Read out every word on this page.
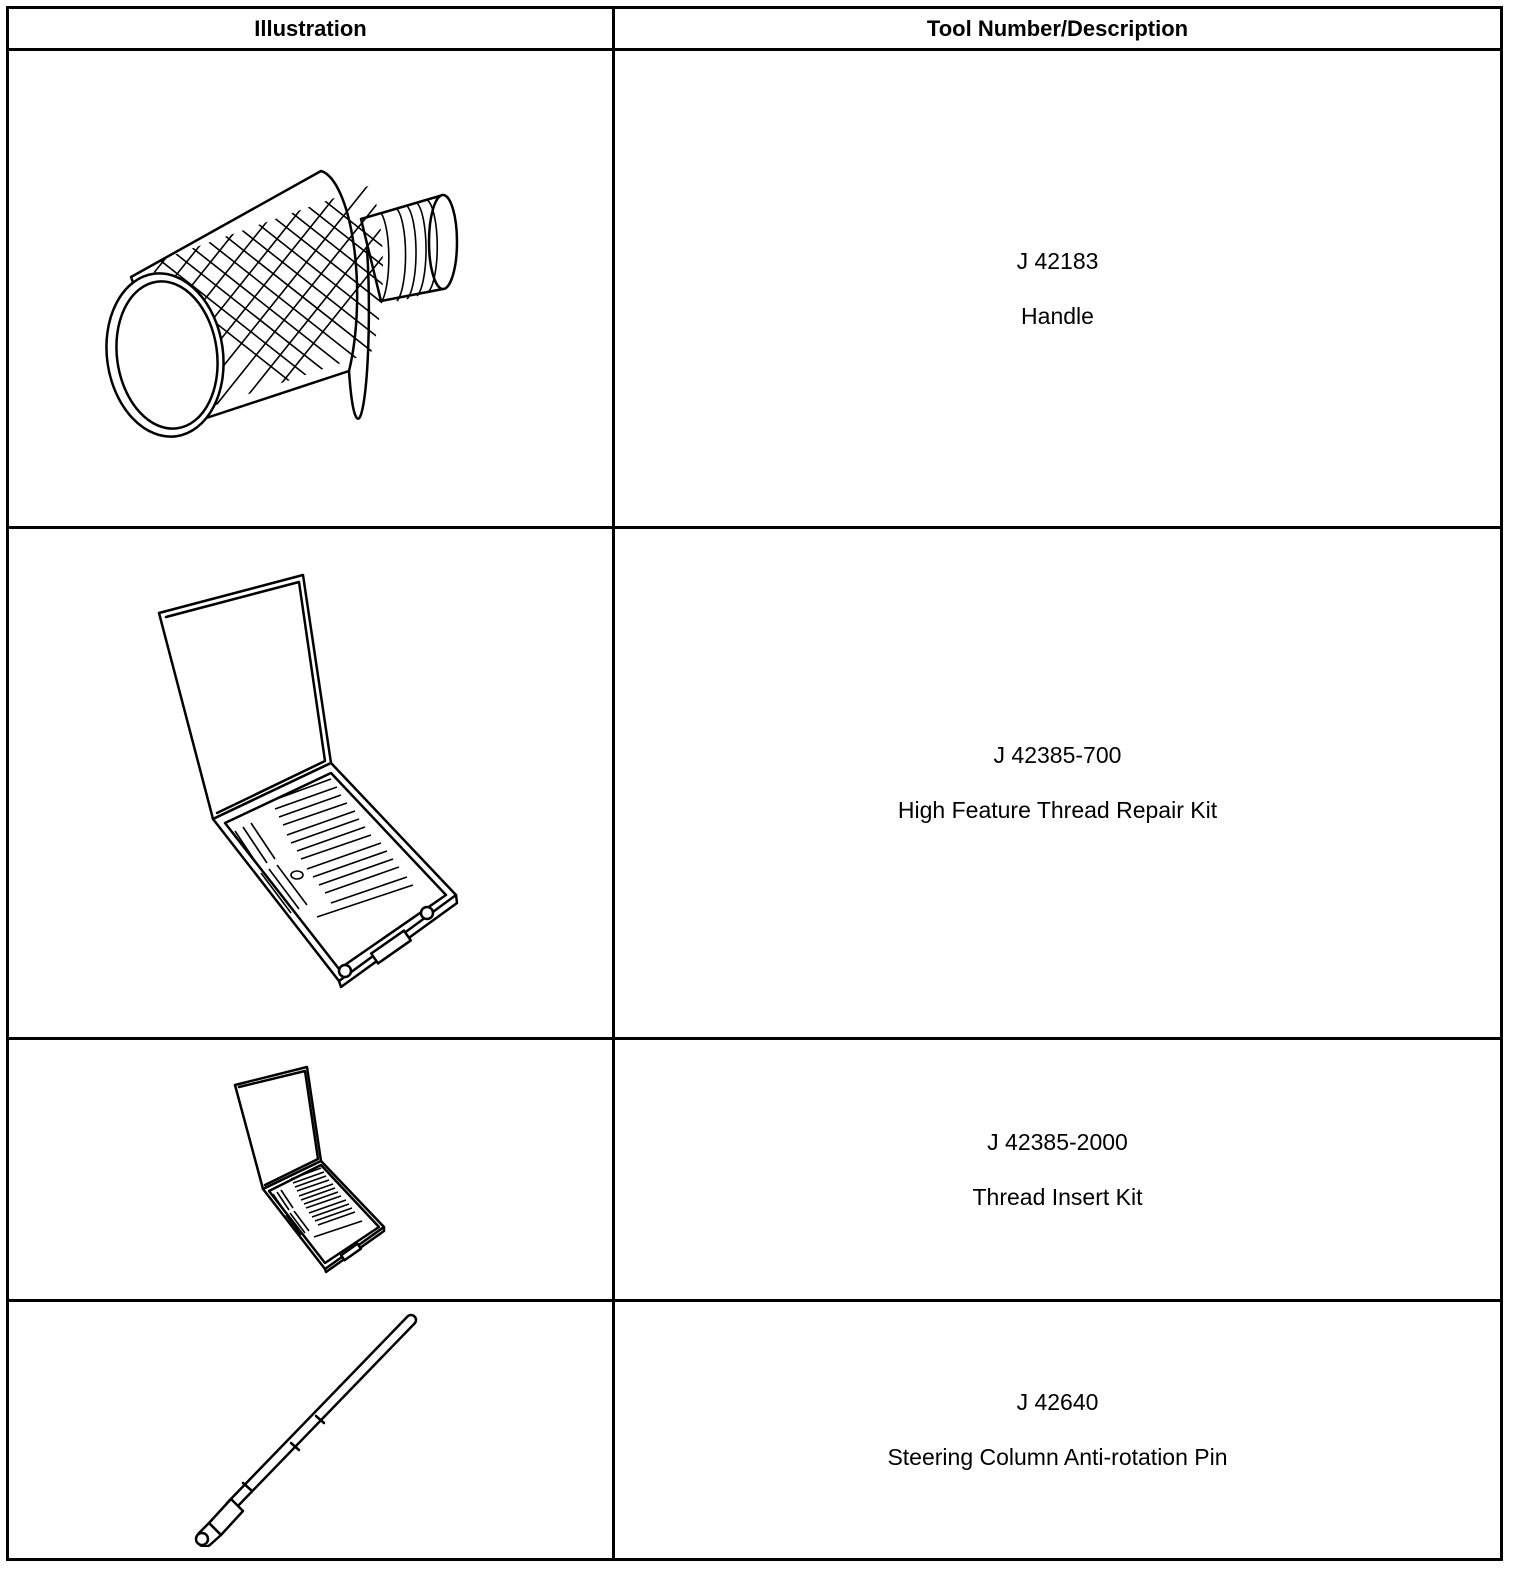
Illustration	Tool Number/Description

J 42183
Handle

J 42385-700
High Feature Thread Repair Kit

J 42385-2000
Thread Insert Kit

J 42640
Steering Column Anti-rotation Pin
